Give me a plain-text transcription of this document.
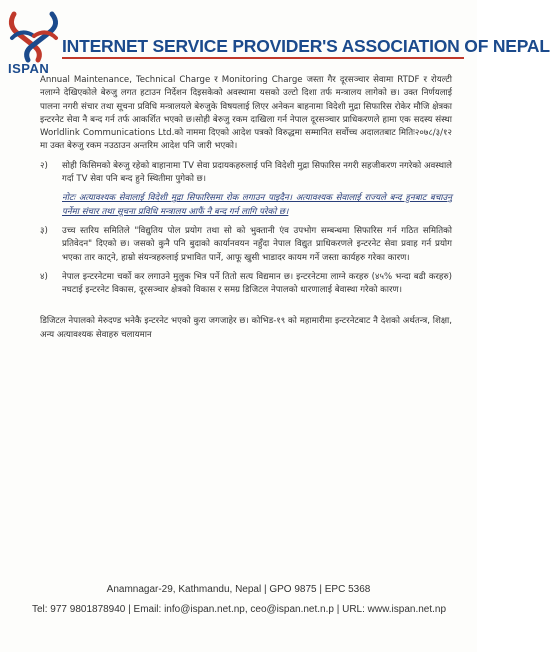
ISPAN
INTERNET SERVICE PROVIDER'S ASSOCIATION OF NEPAL

Annual Maintenance, Technical Charge र Monitoring Charge जस्ता गैर दूरसञ्चार सेवामा RTDF र रोयल्टी नलाग्ने देखिएकोले बेरुजु लगत हटाउन निर्देशन दिइसकेको अवस्थामा यसको उल्टो दिशा तर्फ मन्त्रालय लागेको छ। उक्त निर्णयलाई पालना नगरी संचार तथा सूचना प्रविधि मन्त्रालयले बेरुजुके विषयलाई लिएर अनेकन बाहनामा विदेशी मुद्रा सिफारिस रोकेर मौजि क्षेत्रका इन्टरनेट सेवा नै बन्द गर्न तर्फ आकर्शित भएको छ।सोही बेरुजु रकम दाखिला गर्न नेपाल दूरसञ्चार प्राधिकरणले हामा एक सदस्य संस्था Worldlink Communications Ltd.को नाममा दिएको आदेश पत्रको विरुद्धमा सम्मानित सर्वोच्च अदालतबाट मितिः२०७८/३/१२ मा उक्त बेरुजु रकम नउठाउन अन्तरिम आदेश पनि जारी भएको।

२) सोही किसिमको बेरुजु रहेको बाहानामा TV सेवा प्रदायकहरुलाई पनि विदेशी मुद्रा सिफारिस नगरी सहजीकरण नगरेको अवस्थाले गर्दा TV सेवा पनि बन्द हुने स्थितीमा पुगेको छ।
नोटः अत्यावश्यक सेवालाई विदेशी मुद्रा सिफारिसमा रोक लगाउन पाइदैन। अत्यावश्यक सेवालाई राज्यले बन्द हुनबाट बचाउनु पर्नेमा संचार तथा सूचना प्रविधि मन्त्रालय आफैं नै बन्द गर्न लागि परेको छ।
३) उच्च स्तरिय समितिले "विद्युतिय पोल प्रयोग तथा सो को भुक्तानी एंव उपभोग सम्बन्धमा सिफारिस गर्न गठित समितिको प्रतिवेदन" दिएको छ। जसको कुनै पनि बुदाको कार्यानवयन नहुँदा नेपाल विद्युत प्राधिकरणले इन्टरनेट सेवा प्रवाह गर्न प्रयोग भएका तार काट्ने, हाम्रो संयन्त्रहरुलाई प्रभावित पार्ने, आफू खुसी भाडादर कायम गर्ने जस्ता कार्यहरु गरेका कारण।
४) नेपाल इन्टरनेटमा चर्को कर लगाउने मुलुक भित्र पर्ने तितो सत्य विद्यमान छ। इन्टरनेटमा लाग्ने करहरु (४५% भन्दा बढी करहरु) नघटाई इन्टरनेट विकास, दूरसञ्चार क्षेत्रको विकास र समग्र डिजिटल नेपालको धारणालाई बेवास्था गरेको कारण।

डिजिटल नेपालको मेरुदण्ड भनेकै इन्टरनेट भएको कुरा जगजाहेर छ। कोभिड-१९ को महामारीमा इन्टरनेटबाट नै देशको अर्थतन्त्र, शिक्षा, अन्य अत्यावश्यक सेवाहरु चलायमान

Anamnagar-29, Kathmandu, Nepal | GPO 9875 | EPC 5368
Tel: 977 9801878940 | Email: info@ispan.net.np, ceo@ispan.net.n.p | URL: www.ispan.net.np
